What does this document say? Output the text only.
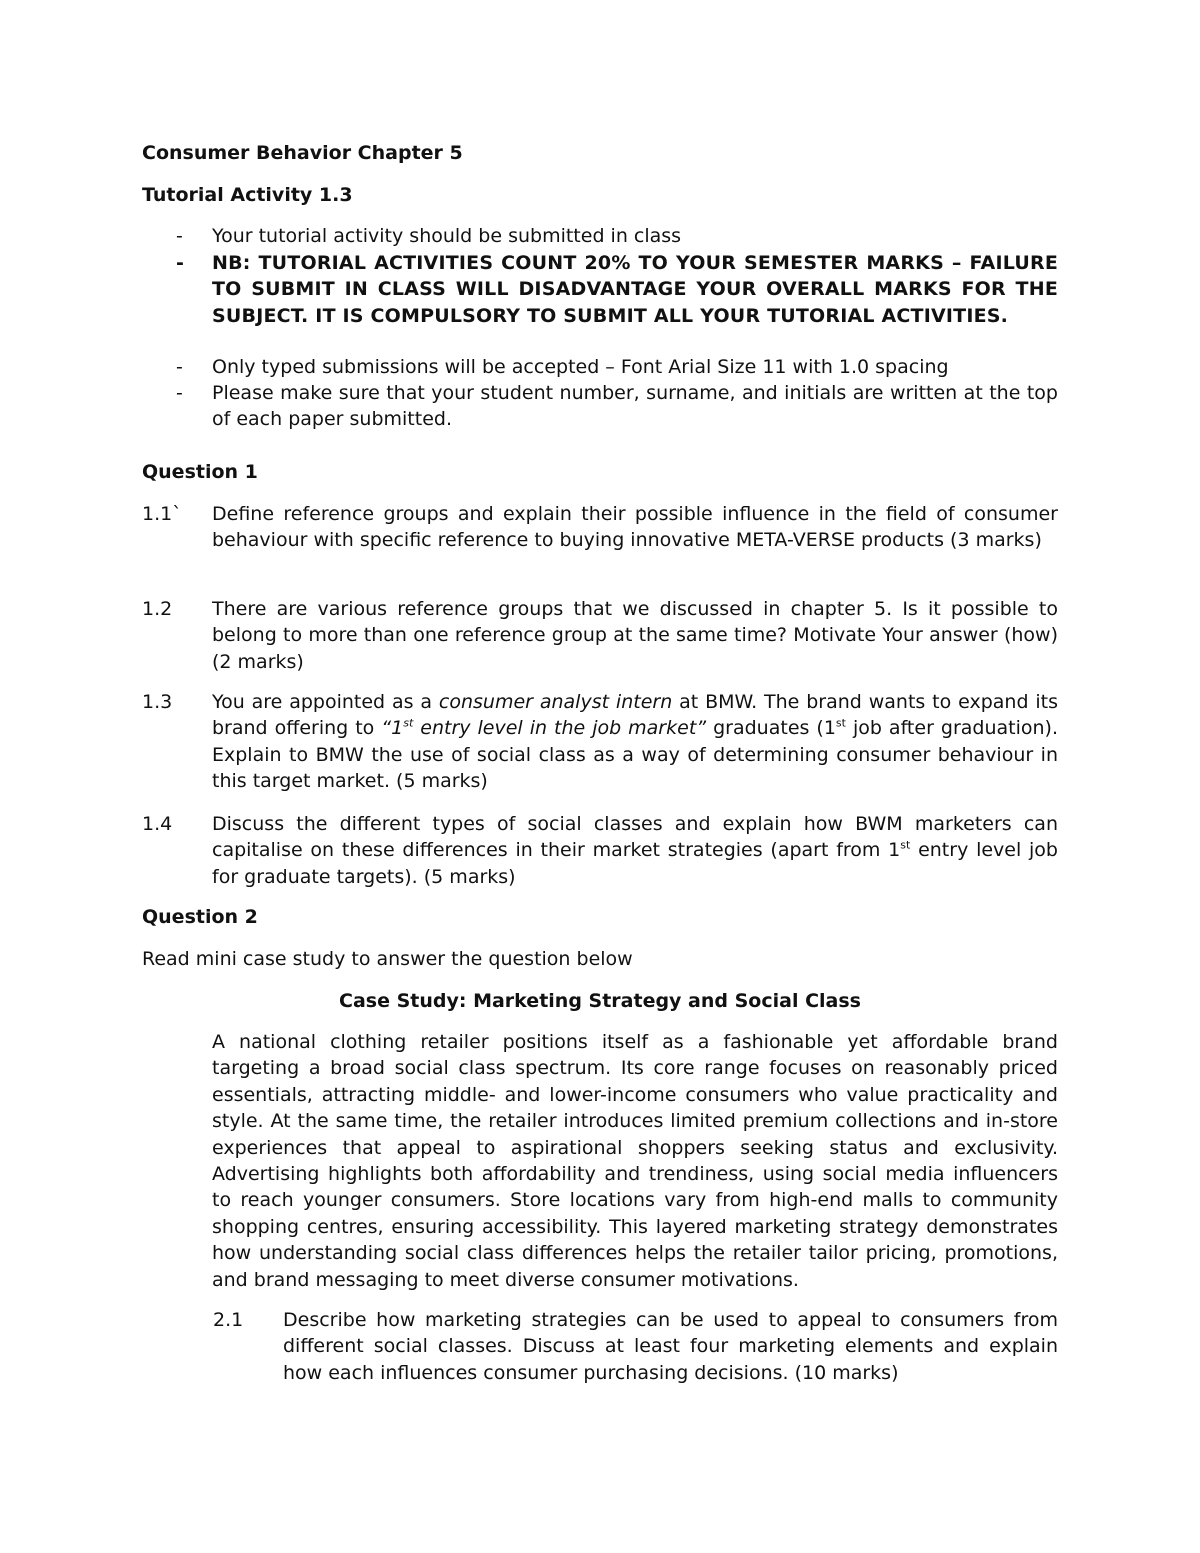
Consumer Behavior Chapter 5
Tutorial Activity 1.3
- Your tutorial activity should be submitted in class
- NB: TUTORIAL ACTIVITIES COUNT 20% TO YOUR SEMESTER MARKS – FAILURE TO SUBMIT IN CLASS WILL DISADVANTAGE YOUR OVERALL MARKS FOR THE SUBJECT. IT IS COMPULSORY TO SUBMIT ALL YOUR TUTORIAL ACTIVITIES.
- Only typed submissions will be accepted – Font Arial Size 11 with 1.0 spacing
- Please make sure that your student number, surname, and initials are written at the top of each paper submitted.
Question 1
1.1` Define reference groups and explain their possible influence in the field of consumer behaviour with specific reference to buying innovative META-VERSE products (3 marks)
1.2 There are various reference groups that we discussed in chapter 5. Is it possible to belong to more than one reference group at the same time? Motivate Your answer (how) (2 marks)
1.3 You are appointed as a consumer analyst intern at BMW. The brand wants to expand its brand offering to “1st entry level in the job market” graduates (1st job after graduation). Explain to BMW the use of social class as a way of determining consumer behaviour in this target market. (5 marks)
1.4 Discuss the different types of social classes and explain how BWM marketers can capitalise on these differences in their market strategies (apart from 1st entry level job for graduate targets). (5 marks)
Question 2
Read mini case study to answer the question below
Case Study: Marketing Strategy and Social Class
A national clothing retailer positions itself as a fashionable yet affordable brand targeting a broad social class spectrum. Its core range focuses on reasonably priced essentials, attracting middle- and lower-income consumers who value practicality and style. At the same time, the retailer introduces limited premium collections and in-store experiences that appeal to aspirational shoppers seeking status and exclusivity. Advertising highlights both affordability and trendiness, using social media influencers to reach younger consumers. Store locations vary from high-end malls to community shopping centres, ensuring accessibility. This layered marketing strategy demonstrates how understanding social class differences helps the retailer tailor pricing, promotions, and brand messaging to meet diverse consumer motivations.
2.1 Describe how marketing strategies can be used to appeal to consumers from different social classes. Discuss at least four marketing elements and explain how each influences consumer purchasing decisions. (10 marks)
